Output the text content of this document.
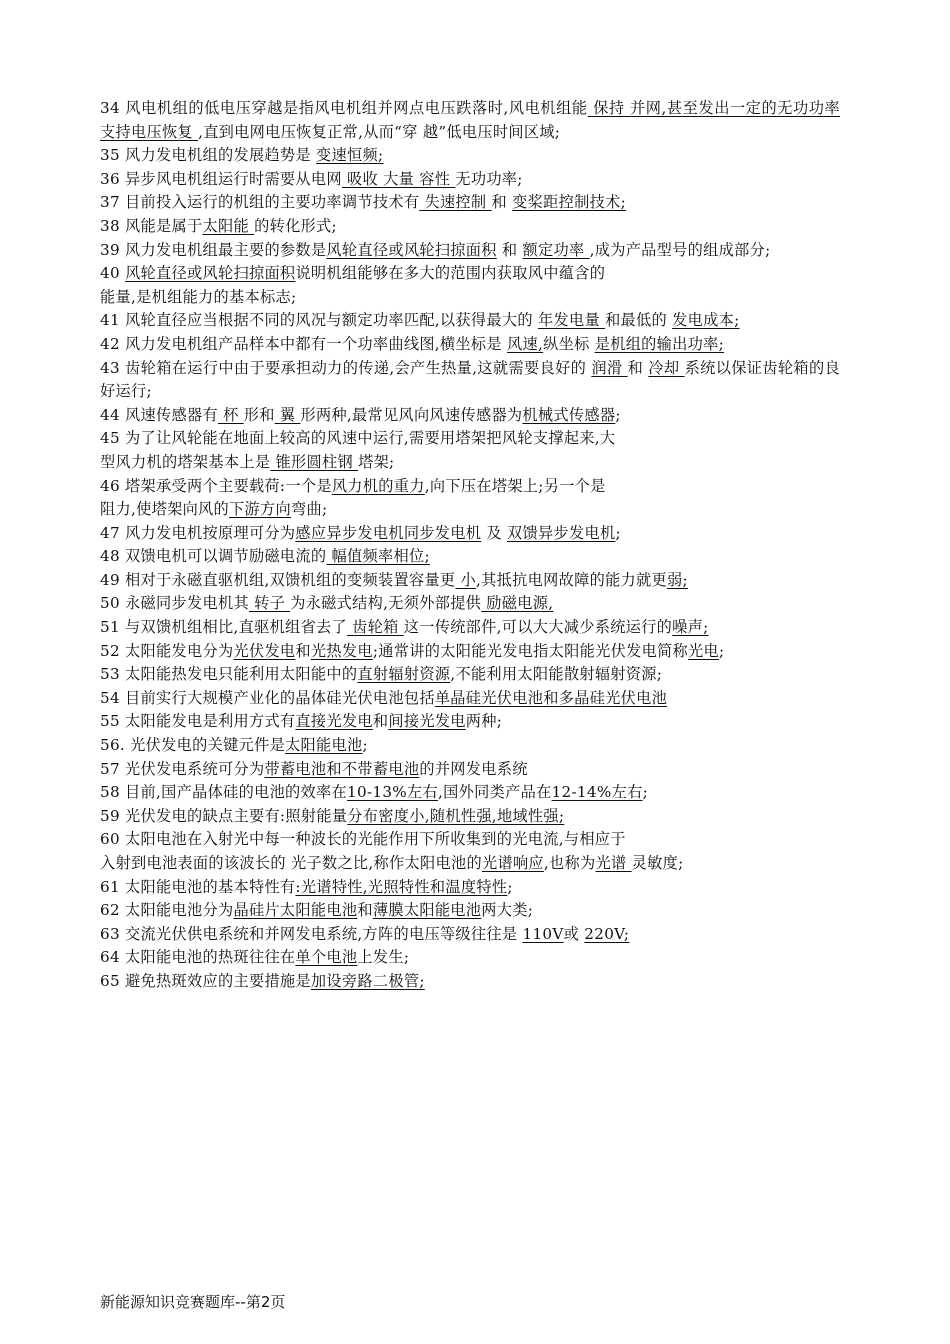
34 风电机组的低电压穿越是指风电机组并网点电压跌落时,风电机组能 保持 并网,甚至发出一定的无功功率支持电压恢复 ,直到电网电压恢复正常,从而“穿 越”低电压时间区域;

35 风力发电机组的发展趋势是 变速恒频;

36 异步风电机组运行时需要从电网 吸收 大量 容性 无功功率;

37 目前投入运行的机组的主要功率调节技术有 失速控制 和 变桨距控制技术;

38 风能是属于太阳能 的转化形式;

39 风力发电机组最主要的参数是风轮直径或风轮扫掠面积 和 额定功率 ,成为产品型号的组成部分;

40 风轮直径或风轮扫掠面积说明机组能够在多大的范围内获取风中蕴含的

能量,是机组能力的基本标志;

41 风轮直径应当根据不同的风况与额定功率匹配,以获得最大的 年发电量 和最低的 发电成本;

42 风力发电机组产品样本中都有一个功率曲线图,横坐标是 风速,纵坐标 是机组的输出功率;

43 齿轮箱在运行中由于要承担动力的传递,会产生热量,这就需要良好的 润滑 和 冷却 系统以保证齿轮箱的良好运行;

44 风速传感器有 杯 形和 翼 形两种,最常见风向风速传感器为机械式传感器;

45 为了让风轮能在地面上较高的风速中运行,需要用塔架把风轮支撑起来,大

型风力机的塔架基本上是 锥形圆柱钢 塔架;

46 塔架承受两个主要载荷:一个是风力机的重力,向下压在塔架上;另一个是

阻力,使塔架向风的下游方向弯曲;

47 风力发电机按原理可分为感应异步发电机同步发电机 及 双馈异步发电机;

48 双馈电机可以调节励磁电流的 幅值频率相位;

49 相对于永磁直驱机组,双馈机组的变频装置容量更 小,其抵抗电网故障的能力就更弱;

50 永磁同步发电机其 转子 为永磁式结构,无须外部提供 励磁电源,

51 与双馈机组相比,直驱机组省去了 齿轮箱 这一传统部件,可以大大减少系统运行的噪声;

52 太阳能发电分为光伏发电和光热发电;通常讲的太阳能光发电指太阳能光伏发电简称光电;

53 太阳能热发电只能利用太阳能中的直射辐射资源,不能利用太阳能散射辐射资源;

54 目前实行大规模产业化的晶体硅光伏电池包括单晶硅光伏电池和多晶硅光伏电池

55 太阳能发电是利用方式有直接光发电和间接光发电两种;

56. 光伏发电的关键元件是太阳能电池;

57 光伏发电系统可分为带蓄电池和不带蓄电池的并网发电系统

58 目前,国产晶体硅的电池的效率在10-13%左右,国外同类产品在12-14%左右;

59 光伏发电的缺点主要有:照射能量分布密度小,随机性强,地域性强;

60 太阳电池在入射光中每一种波长的光能作用下所收集到的光电流,与相应于

入射到电池表面的该波长的 光子数之比,称作太阳电池的光谱响应,也称为光谱 灵敏度;

61 太阳能电池的基本特性有:光谱特性,光照特性和温度特性;

62 太阳能电池分为晶硅片太阳能电池和薄膜太阳能电池两大类;

63 交流光伏供电系统和并网发电系统,方阵的电压等级往往是 110V或 220V;

64 太阳能电池的热斑往往在单个电池上发生;

65 避免热斑效应的主要措施是加设旁路二极管;

新能源知识竞赛题库--第2页
